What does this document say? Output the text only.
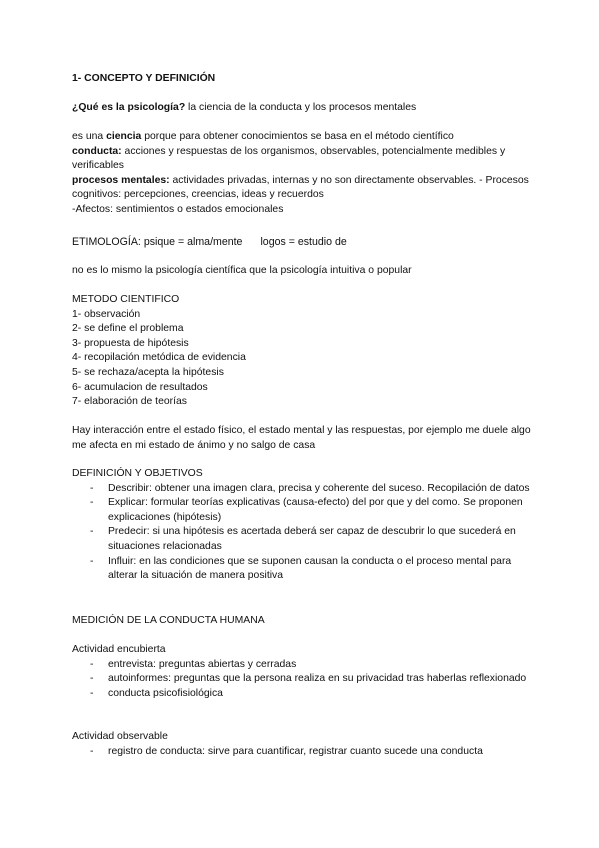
1- CONCEPTO Y DEFINICIÓN
¿Qué es la psicología? la ciencia de la conducta y los procesos mentales
es una ciencia porque para obtener conocimientos se basa en el método científico
conducta: acciones y respuestas de los organismos, observables, potencialmente medibles y verificables
procesos mentales: actividades privadas, internas y no son directamente observables. - Procesos cognitivos: percepciones, creencias, ideas y recuerdos
-Afectos: sentimientos o estados emocionales
ETIMOLOGÍA: psique = alma/mente logos = estudio de
no es lo mismo la psicología científica que la psicología intuitiva o popular
METODO CIENTIFICO
1- observación
2- se define el problema
3- propuesta de hipótesis
4- recopilación metódica de evidencia
5- se rechaza/acepta la hipótesis
6- acumulacion de resultados
7- elaboración de teorías
Hay interacción entre el estado físico, el estado mental y las respuestas, por ejemplo me duele algo me afecta en mi estado de ánimo y no salgo de casa
DEFINICIÓN Y OBJETIVOS
- Describir: obtener una imagen clara, precisa y coherente del suceso. Recopilación de datos
- Explicar: formular teorías explicativas (causa-efecto) del por que y del como. Se proponen explicaciones (hipótesis)
- Predecir: si una hipótesis es acertada deberá ser capaz de descubrir lo que sucederá en situaciones relacionadas
- Influir: en las condiciones que se suponen causan la conducta o el proceso mental para alterar la situación de manera positiva
MEDICIÓN DE LA CONDUCTA HUMANA
Actividad encubierta
- entrevista: preguntas abiertas y cerradas
- autoinformes: preguntas que la persona realiza en su privacidad tras haberlas reflexionado
- conducta psicofisiológica
Actividad observable
- registro de conducta: sirve para cuantificar, registrar cuanto sucede una conducta
